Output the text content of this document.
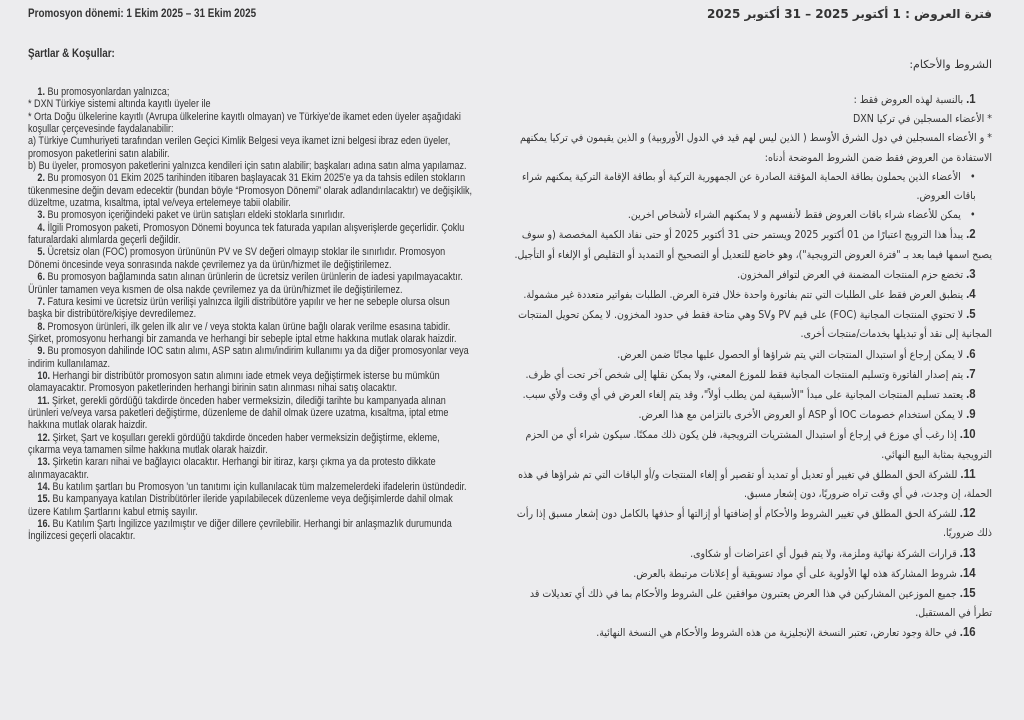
Promosyon dönemi: 1 Ekim 2025 – 31 Ekim 2025
Şartlar & Koşullar:

1. Bu promosyonlardan yalnızca;

* DXN Türkiye sistemi altında kayıtlı üyeler ile

* Orta Doğu ülkelerine kayıtlı (Avrupa ülkelerine kayıtlı olmayan) ve Türkiye'de ikamet eden üyeler aşağıdaki koşullar çerçevesinde faydalanabilir:

a) Türkiye Cumhuriyeti tarafından verilen Geçici Kimlik Belgesi veya ikamet izni belgesi ibraz eden üyeler, promosyon paketlerini satın alabilir.

b) Bu üyeler, promosyon paketlerini yalnızca kendileri için satın alabilir; başkaları adına satın alma yapılamaz.

2. Bu promosyon 01 Ekim 2025 tarihinden itibaren başlayacak 31 Ekim 2025'e ya da tahsis edilen stokların tükenmesine değin devam edecektir (bundan böyle “Promosyon Dönemi” olarak adlandırılacaktır) ve değişiklik, düzeltme, uzatma, kısaltma, iptal ve/veya ertelemeye tabii olabilir.

3. Bu promosyon içeriğindeki paket ve ürün satışları eldeki stoklarla sınırlıdır.

4. İlgili Promosyon paketi, Promosyon Dönemi boyunca tek faturada yapılan alışverişlerde geçerlidir. Çoklu faturalardaki alımlarda geçerli değildir.

5. Ücretsiz olan (FOC) promosyon ürününün PV ve SV değeri olmayıp stoklar ile sınırlıdır. Promosyon Dönemi öncesinde veya sonrasında nakde çevrilemez ya da ürün/hizmet ile değiştirilemez.

6. Bu promosyon bağlamında satın alınan ürünlerin de ücretsiz verilen ürünlerin de iadesi yapılmayacaktır. Ürünler tamamen veya kısmen de olsa nakde çevrilemez ya da ürün/hizmet ile değiştirilemez.

7. Fatura kesimi ve ücretsiz ürün verilişi yalnızca ilgili distribütöre yapılır ve her ne sebeple olursa olsun başka bir distribütöre/kişiye devredilemez.

8. Promosyon ürünleri, ilk gelen ilk alır ve / veya stokta kalan ürüne bağlı olarak verilme esasına tabidir. Şirket, promosyonu herhangi bir zamanda ve herhangi bir sebeple iptal etme hakkına mutlak olarak haizdir.

9. Bu promosyon dahilinde IOC satın alımı, ASP satın alımı/indirim kullanımı ya da diğer promosyonlar veya indirim kullanılamaz.

10. Herhangi bir distribütör promosyon satın alımını iade etmek veya değiştirmek isterse bu mümkün olamayacaktır. Promosyon paketlerinden herhangi birinin satın alınması nihai satış olacaktır.

11. Şirket, gerekli gördüğü takdirde önceden haber vermeksizin, dilediği tarihte bu kampanyada alınan ürünleri ve/veya varsa paketleri değiştirme, düzenleme de dahil olmak üzere uzatma, kısaltma, iptal etme hakkına mutlak olarak haizdir.

12. Şirket, Şart ve koşulları gerekli gördüğü takdirde önceden haber vermeksizin değiştirme, ekleme, çıkarma veya tamamen silme hakkına mutlak olarak haizdir.

13. Şirketin kararı nihai ve bağlayıcı olacaktır. Herhangi bir itiraz, karşı çıkma ya da protesto dikkate alınmayacaktır.

14. Bu katılım şartları bu Promosyon 'un tanıtımı için kullanılacak tüm malzemelerdeki ifadelerin üstündedir.

15. Bu kampanyaya katılan Distribütörler ileride yapılabilecek düzenleme veya değişimlerde dahil olmak üzere Katılım Şartlarını kabul etmiş sayılır.

16. Bu Katılım Şartı İngilizce yazılmıştır ve diğer dillere çevrilebilir. Herhangi bir anlaşmazlık durumunda İngilizcesi geçerli olacaktır.

فترة العروض : 1 أكتوبر 2025 – 31 أكتوبر 2025
الشروط والأحكام:

1. بالنسبة لهذه العروض فقط :

* الأعضاء المسجلين في تركيا DXN

* و الأعضاء المسجلين في دول الشرق الأوسط ( الذين ليس لهم قيد في الدول الأوروبية) و الذين يقيمون في تركيا يمكنهم الاستفادة من العروض فقط ضمن الشروط الموضحة أدناه:

• الأعضاء الذين يحملون بطاقة الحماية المؤقتة الصادرة عن الجمهورية التركية أو بطاقة الإقامة التركية يمكنهم شراء باقات العروض.

• يمكن للأعضاء شراء باقات العروض فقط لأنفسهم و لا يمكنهم الشراء لأشخاص اخرين.

2. يبدأ هذا الترويج اعتبارًا من 01 أكتوبر 2025 ويستمر حتى 31 أكتوبر 2025 أو حتى نفاد الكمية المخصصة (و سوف يصبح اسمها فيما بعد بـ "فترة العروض الترويجية")، وهو خاضع للتعديل أو التصحيح أو التمديد أو التقليص أو الإلغاء أو التأجيل.

3. تخضع حزم المنتجات المضمنة في العرض لتوافر المخزون.

4. ينطبق العرض فقط على الطلبات التي تتم بفاتورة واحدة خلال فترة العرض. الطلبات بفواتير متعددة غير مشمولة.

5. لا تحتوي المنتجات المجانية (FOC) على قيم PV وSV وهي متاحة فقط في حدود المخزون. لا يمكن تحويل المنتجات المجانية إلى نقد أو تبديلها بخدمات/منتجات أخرى.

6. لا يمكن إرجاع أو استبدال المنتجات التي يتم شراؤها أو الحصول عليها مجانًا ضمن العرض.

7. يتم إصدار الفاتورة وتسليم المنتجات المجانية فقط للموزع المعني، ولا يمكن نقلها إلى شخص آخر تحت أي ظرف.

8. يعتمد تسليم المنتجات المجانية على مبدأ "الأسبقية لمن يطلب أولاً"، وقد يتم إلغاء العرض في أي وقت ولأي سبب.

9. لا يمكن استخدام خصومات IOC أو ASP أو العروض الأخرى بالتزامن مع هذا العرض.

10. إذا رغب أي موزع في إرجاع أو استبدال المشتريات الترويجية، فلن يكون ذلك ممكنًا. سيكون شراء أي من الحزم الترويجية بمثابة البيع النهائي.

11. للشركة الحق المطلق في تغيير أو تعديل أو تمديد أو تقصير أو إلغاء المنتجات و/أو الباقات التي تم شراؤها في هذه الحملة، إن وجدت، في أي وقت تراه ضروريًا، دون إشعار مسبق.

12. للشركة الحق المطلق في تغيير الشروط والأحكام أو إضافتها أو إزالتها أو حذفها بالكامل دون إشعار مسبق إذا رأت ذلك ضروريًا.

13. قرارات الشركة نهائية وملزمة، ولا يتم قبول أي اعتراضات أو شكاوى.

14. شروط المشاركة هذه لها الأولوية على أي مواد تسويقية أو إعلانات مرتبطة بالعرض.

15. جميع الموزعين المشاركين في هذا العرض يعتبرون موافقين على الشروط والأحكام بما في ذلك أي تعديلات قد تطرأ في المستقبل.

16. في حالة وجود تعارض، تعتبر النسخة الإنجليزية من هذه الشروط والأحكام هي النسخة النهائية.
